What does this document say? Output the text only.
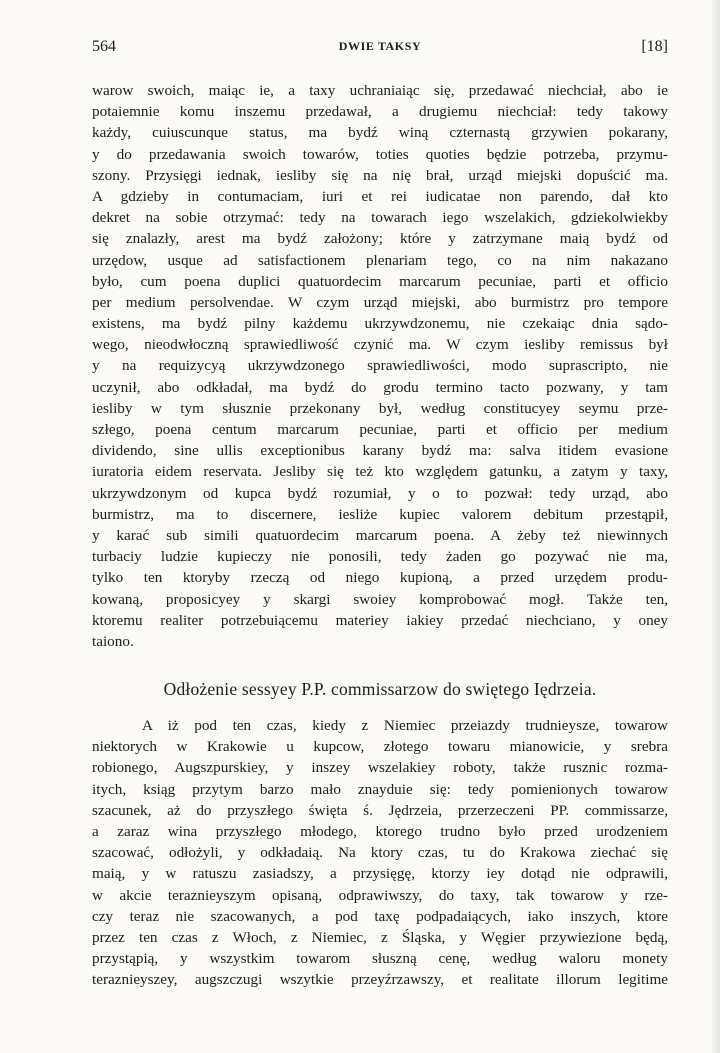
564	DWIE TAKSY	[18]
warow swoich, maiąc ie, a taxy uchraniaiąc się, przedawać niechciał, abo ie
potaiemnie komu inszemu przedawał, a drugiemu niechciał: tedy takowy
każdy, cuiuscunque status, ma bydź winą czternastą grzywien pokarany,
y do przedawania swoich towarów, toties quoties będzie potrzeba, przymu-
szony. Przysięgi iednak, iesliby się na nię brał, urząd miejski dopuścić ma.
A gdzieby in contumaciam, iuri et rei iudicatae non parendo, dał kto
dekret na sobie otrzymać: tedy na towarach iego wszelakich, gdziekolwiekby
się znalazły, arest ma bydź założony; które y zatrzymane maią bydź od
urzędow, usque ad satisfactionem plenariam tego, co na nim nakazano
było, cum poena duplici quatuordecim marcarum pecuniae, parti et officio
per medium persolvendae. W czym urząd miejski, abo burmistrz pro tempore
existens, ma bydź pilny każdemu ukrzywdzonemu, nie czekaiąc dnia sądo-
wego, nieodwłoczną sprawiedliwość czynić ma. W czym iesliby remissus był
y na requizycyą ukrzywdzonego sprawiedliwości, modo suprascripto, nie
uczynił, abo odkładał, ma bydź do grodu termino tacto pozwany, y tam
iesliby w tym słusznie przekonany był, według constitucyey seymu prze-
szłego, poena centum marcarum pecuniae, parti et officio per medium
dividendo, sine ullis exceptionibus karany bydź ma: salva itidem evasione
iuratoria eidem reservata. Jesliby się też kto względem gatunku, a zatym y taxy,
ukrzywdzonym od kupca bydź rozumiał, y o to pozwał: tedy urząd, abo
burmistrz, ma to discernere, iesliże kupiec valorem debitum przestąpił,
y karać sub simili quatuordecim marcarum poena. A żeby też niewinnych
turbaciy ludzie kupieczy nie ponosili, tedy żaden go pozywać nie ma,
tylko ten ktoryby rzeczą od niego kupioną, a przed urzędem produ-
kowaną, proposicyey y skargi swoiey komprobować mogł. Także ten,
ktoremu realiter potrzebuiącemu materiey iakiey przedać niechciano, y oney
taiono.
Odłożenie sessyey P.P. commissarzow do swiętego Iędrzeia.
A iż pod ten czas, kiedy z Niemiec przeiazdy trudnieysze, towarow
niektorych w Krakowie u kupcow, złotego towaru mianowicie, y srebra
robionego, Augszpurskiey, y inszey wszelakiey roboty, także rusznic rozma-
itych, ksiąg przytym barzo mało znayduie się: tedy pomienionych towarow
szacunek, aż do przyszłego święta ś. Jędrzeia, przerzeczeni PP. commissarze,
a zaraz wina przyszłego młodego, ktorego trudno było przed urodzeniem
szacować, odłożyli, y odkładaią. Na ktory czas, tu do Krakowa ziechać się
maią, y w ratuszu zasiadszy, a przysięgę, ktorzy iey dotąd nie odprawili,
w akcie teraznieyszym opisaną, odprawiwszy, do taxy, tak towarow y rze-
czy teraz nie szacowanych, a pod taxę podpadaiących, iako inszych, ktore
przez ten czas z Włoch, z Niemiec, z Śląska, y Węgier przywiezione będą,
przystąpią, y wszystkim towarom słuszną cenę, według waloru monety
teraznieyszey, augszczugi wszytkie przeyźrzawszy, et realitate illorum legitime
